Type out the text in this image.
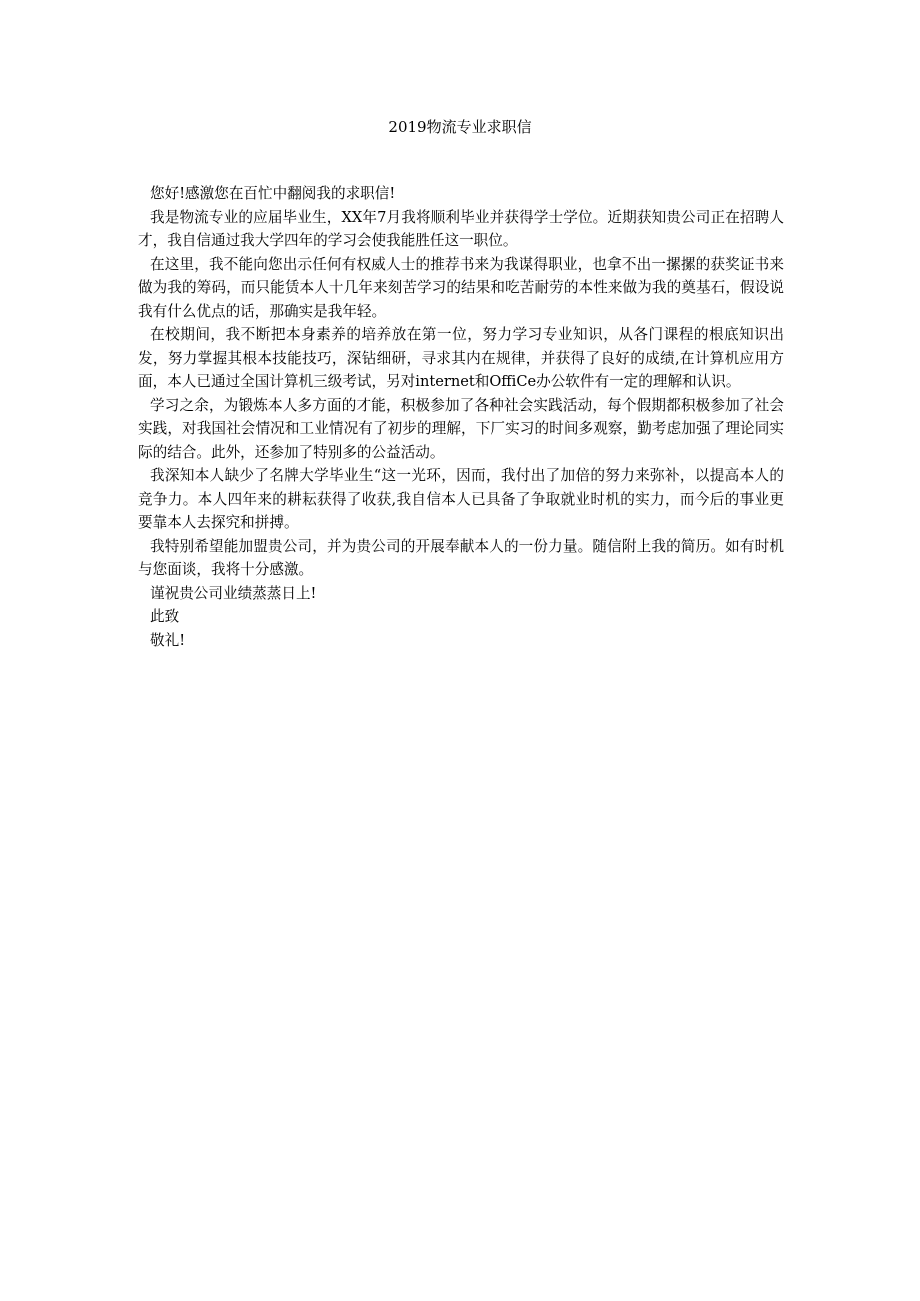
2019物流专业求职信

您好!感激您在百忙中翻阅我的求职信!

我是物流专业的应届毕业生，XX年7月我将顺利毕业并获得学士学位。近期获知贵公司正在招聘人才，我自信通过我大学四年的学习会使我能胜任这一职位。

在这里，我不能向您出示任何有权威人士的推荐书来为我谋得职业，也拿不出一摞摞的获奖证书来做为我的筹码，而只能赁本人十几年来刻苦学习的结果和吃苦耐劳的本性来做为我的奠基石，假设说我有什么优点的话，那确实是我年轻。

在校期间，我不断把本身素养的培养放在第一位，努力学习专业知识，从各门课程的根底知识出发，努力掌握其根本技能技巧，深钻细研，寻求其内在规律，并获得了良好的成绩,在计算机应用方面，本人已通过全国计算机三级考试，另对internet和OffiCe办公软件有一定的理解和认识。

学习之余，为锻炼本人多方面的才能，积极参加了各种社会实践活动，每个假期都积极参加了社会实践，对我国社会情况和工业情况有了初步的理解，下厂实习的时间多观察，勤考虑加强了理论同实际的结合。此外，还参加了特别多的公益活动。

我深知本人缺少了名牌大学毕业生“这一光环，因而，我付出了加倍的努力来弥补，以提高本人的竞争力。本人四年来的耕耘获得了收获,我自信本人已具备了争取就业时机的实力，而今后的事业更要靠本人去探究和拼搏。

我特别希望能加盟贵公司，并为贵公司的开展奉献本人的一份力量。随信附上我的简历。如有时机与您面谈，我将十分感激。

谨祝贵公司业绩蒸蒸日上!

此致

敬礼!
